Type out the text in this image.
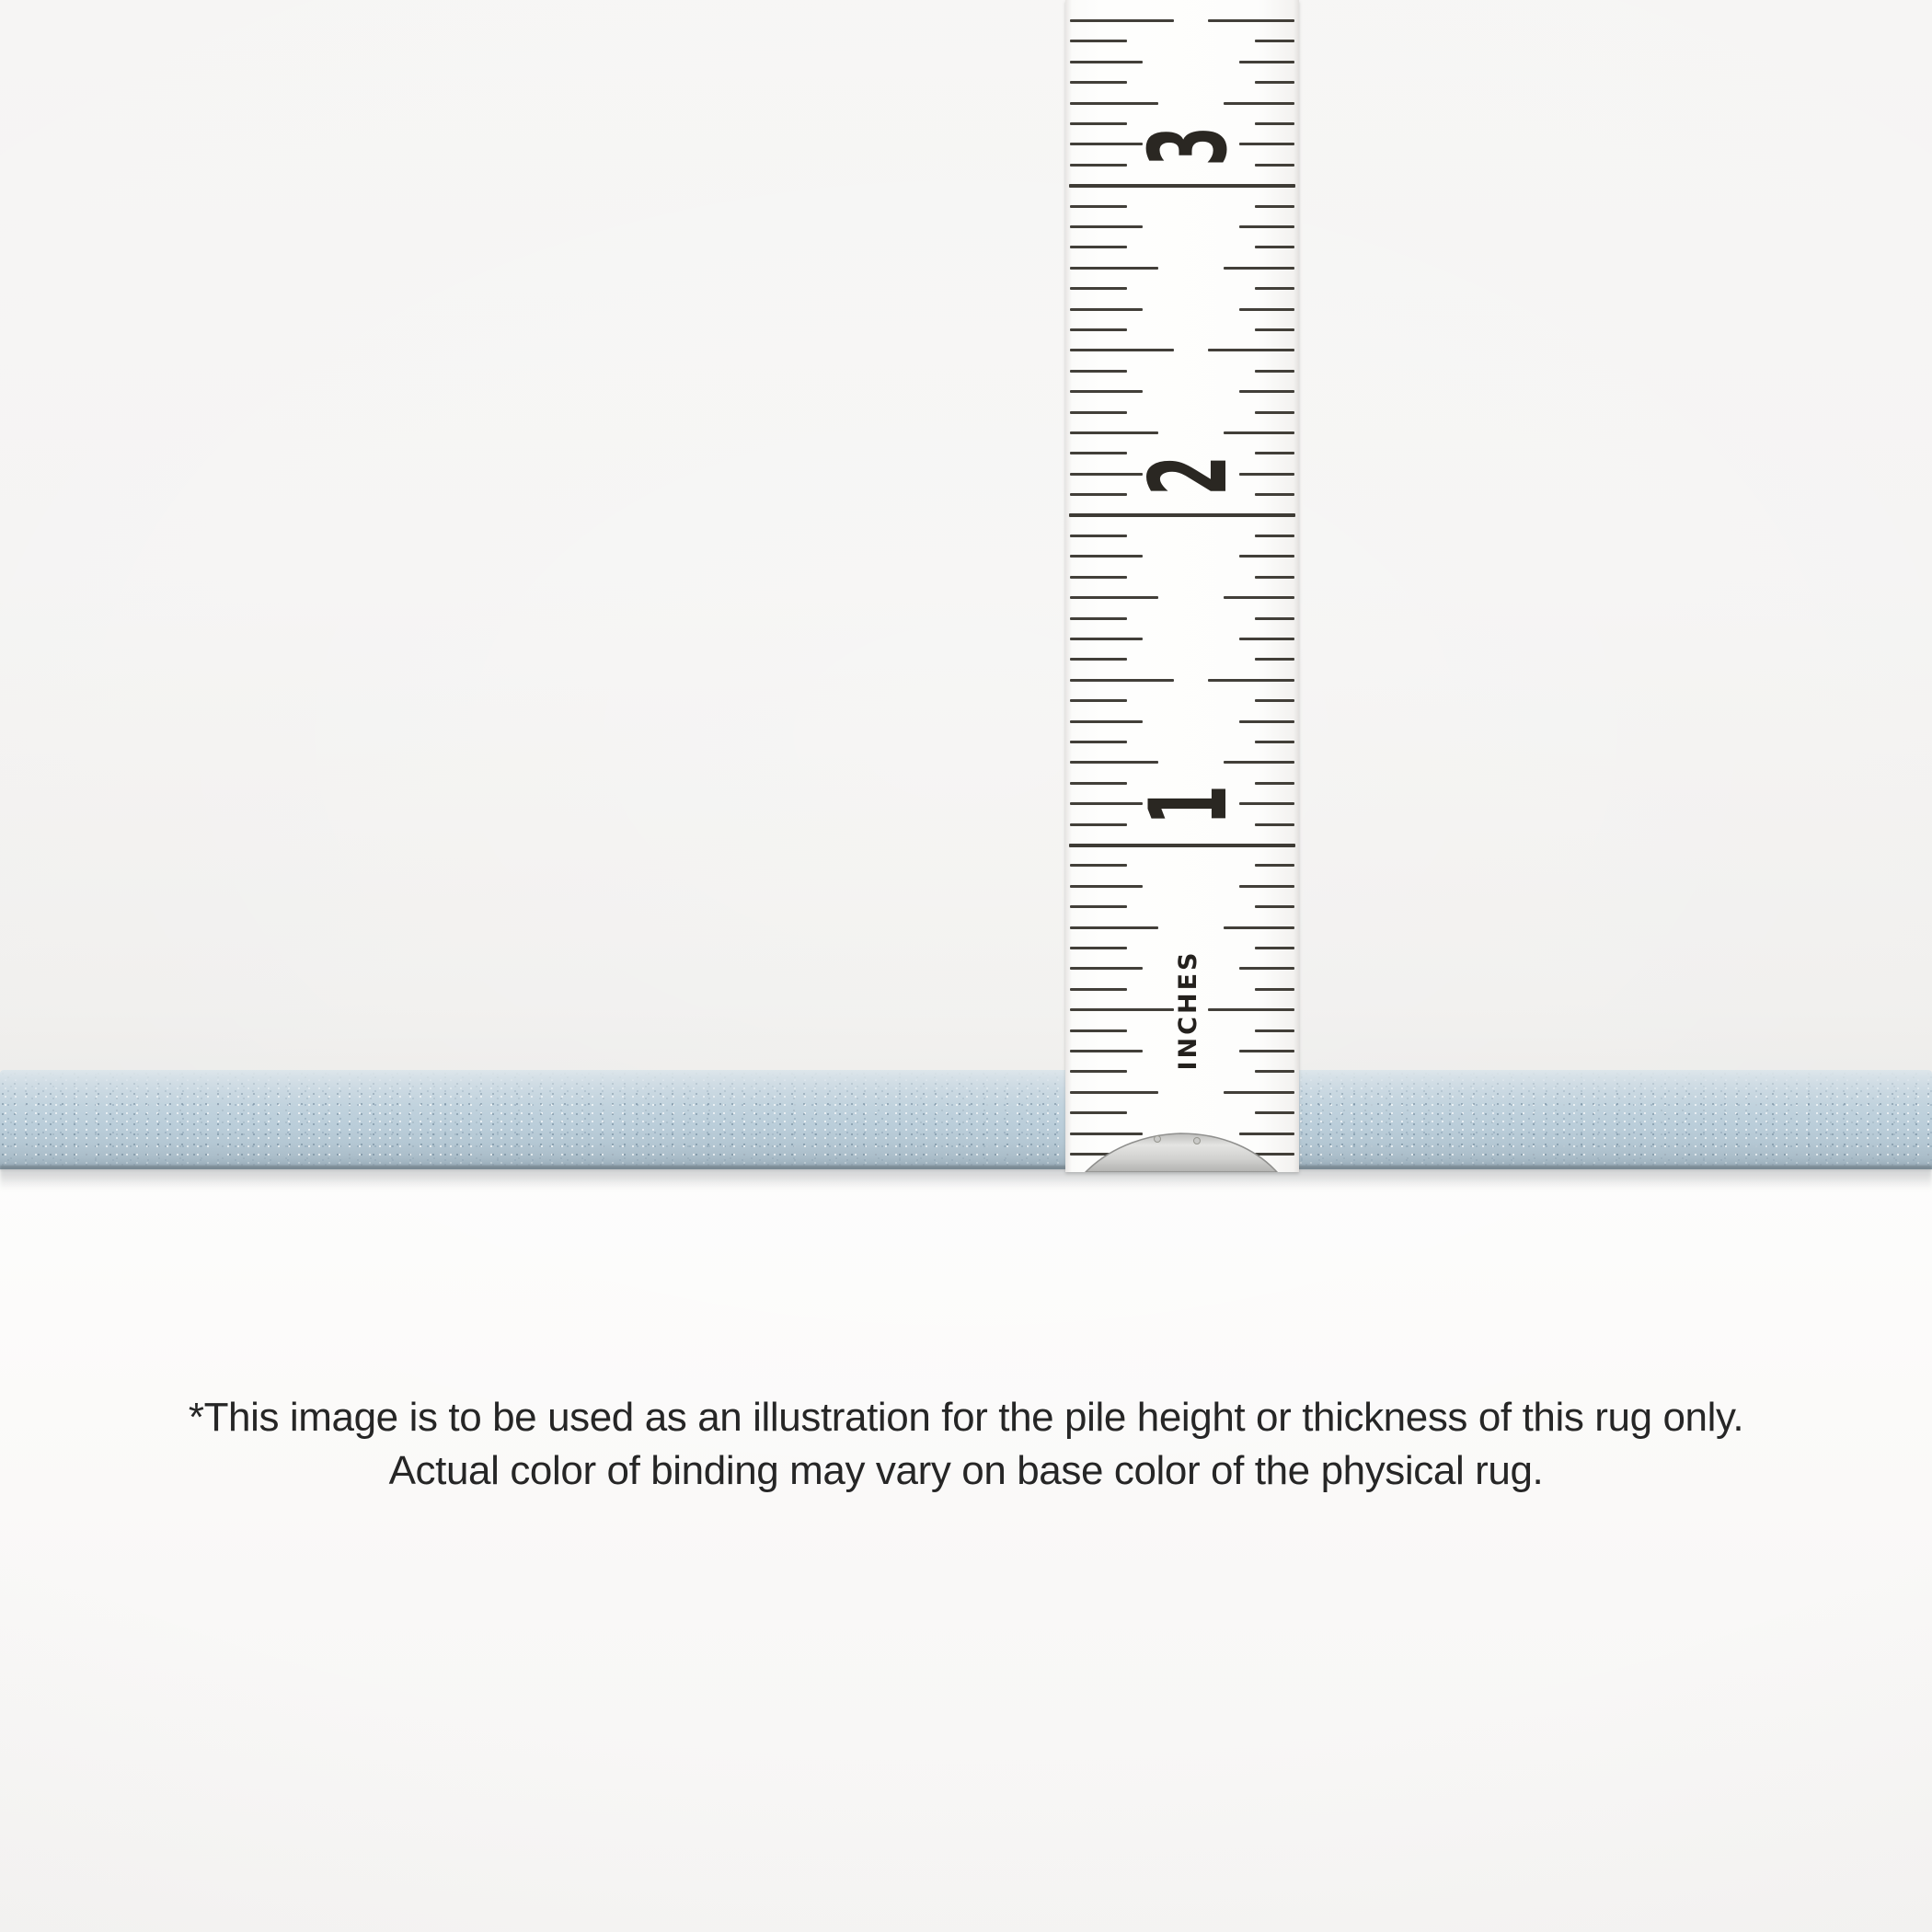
3
2
1
INCHES
*This image is to be used as an illustration for the pile height or thickness of this rug only.
Actual color of binding may vary on base color of the physical rug.
